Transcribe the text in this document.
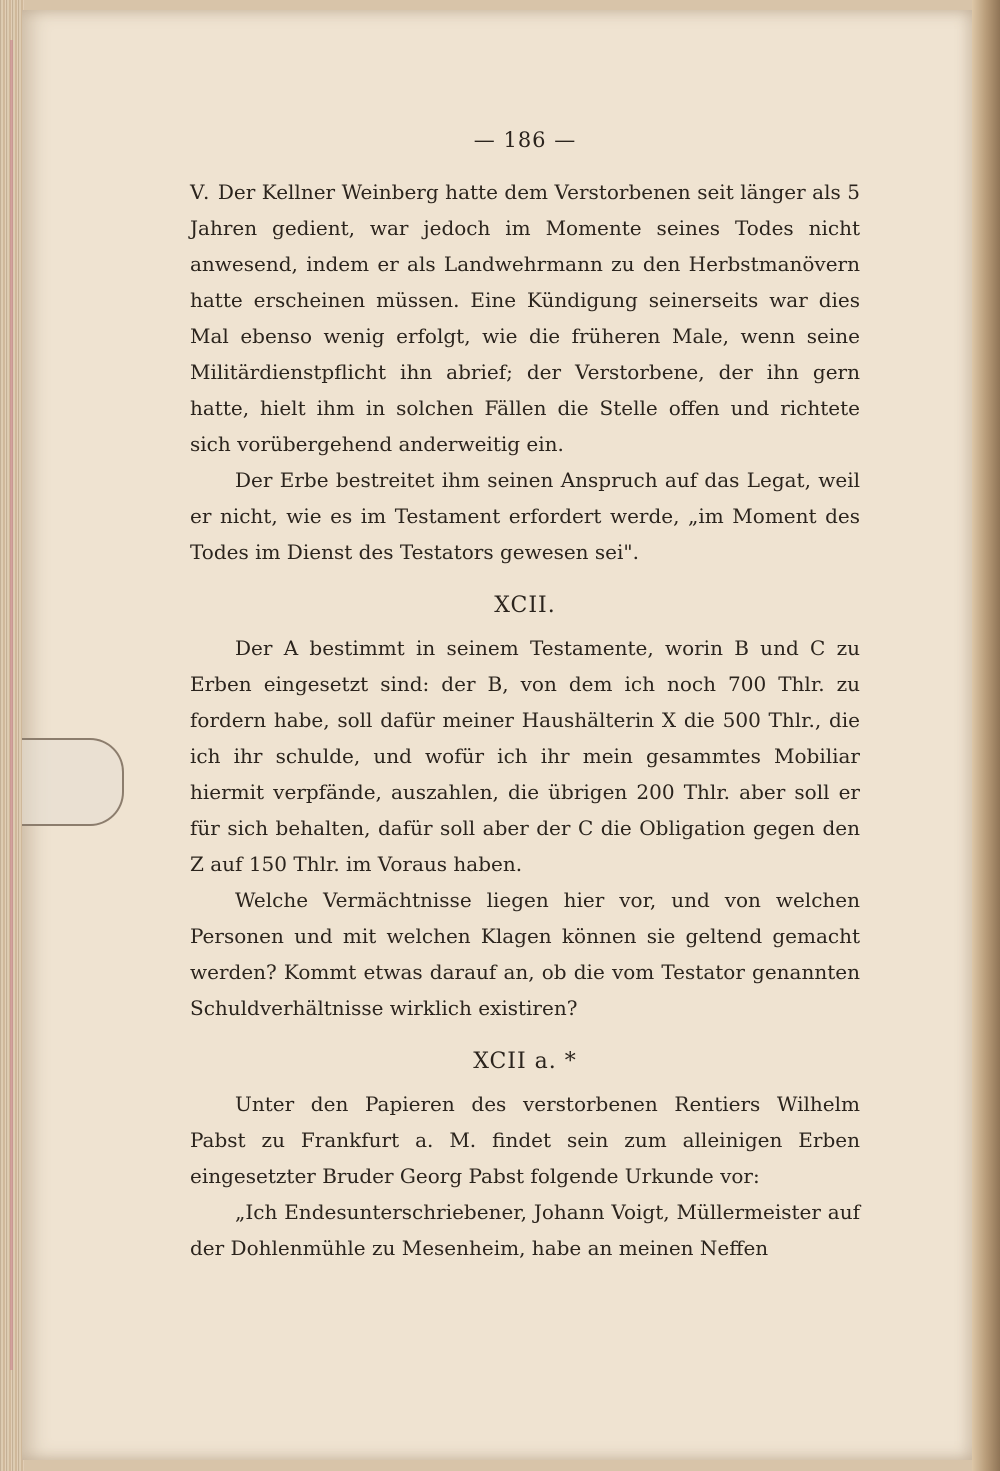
— 186 —

V. Der Kellner Weinberg hatte dem Verstorbenen seit länger als 5 Jahren gedient, war jedoch im Momente seines Todes nicht anwesend, indem er als Landwehrmann zu den Herbstmanövern hatte erscheinen müssen. Eine Kündigung seinerseits war dies Mal ebenso wenig erfolgt, wie die früheren Male, wenn seine Militärdienstpflicht ihn abrief; der Verstorbene, der ihn gern hatte, hielt ihm in solchen Fällen die Stelle offen und richtete sich vorübergehend anderweitig ein.

Der Erbe bestreitet ihm seinen Anspruch auf das Legat, weil er nicht, wie es im Testament erfordert werde, „im Moment des Todes im Dienst des Testators gewesen sei".

XCII.

Der A bestimmt in seinem Testamente, worin B und C zu Erben eingesetzt sind: der B, von dem ich noch 700 Thlr. zu fordern habe, soll dafür meiner Haushälterin X die 500 Thlr., die ich ihr schulde, und wofür ich ihr mein gesammtes Mobiliar hiermit verpfände, auszahlen, die übrigen 200 Thlr. aber soll er für sich behalten, dafür soll aber der C die Obligation gegen den Z auf 150 Thlr. im Voraus haben.

Welche Vermächtnisse liegen hier vor, und von welchen Personen und mit welchen Klagen können sie geltend gemacht werden? Kommt etwas darauf an, ob die vom Testator genannten Schuldverhältnisse wirklich existiren?

XCII a. *

Unter den Papieren des verstorbenen Rentiers Wilhelm Pabst zu Frankfurt a. M. findet sein zum alleinigen Erben eingesetzter Bruder Georg Pabst folgende Urkunde vor:

„Ich Endesunterschriebener, Johann Voigt, Müllermeister auf der Dohlenmühle zu Mesenheim, habe an meinen Neffen
